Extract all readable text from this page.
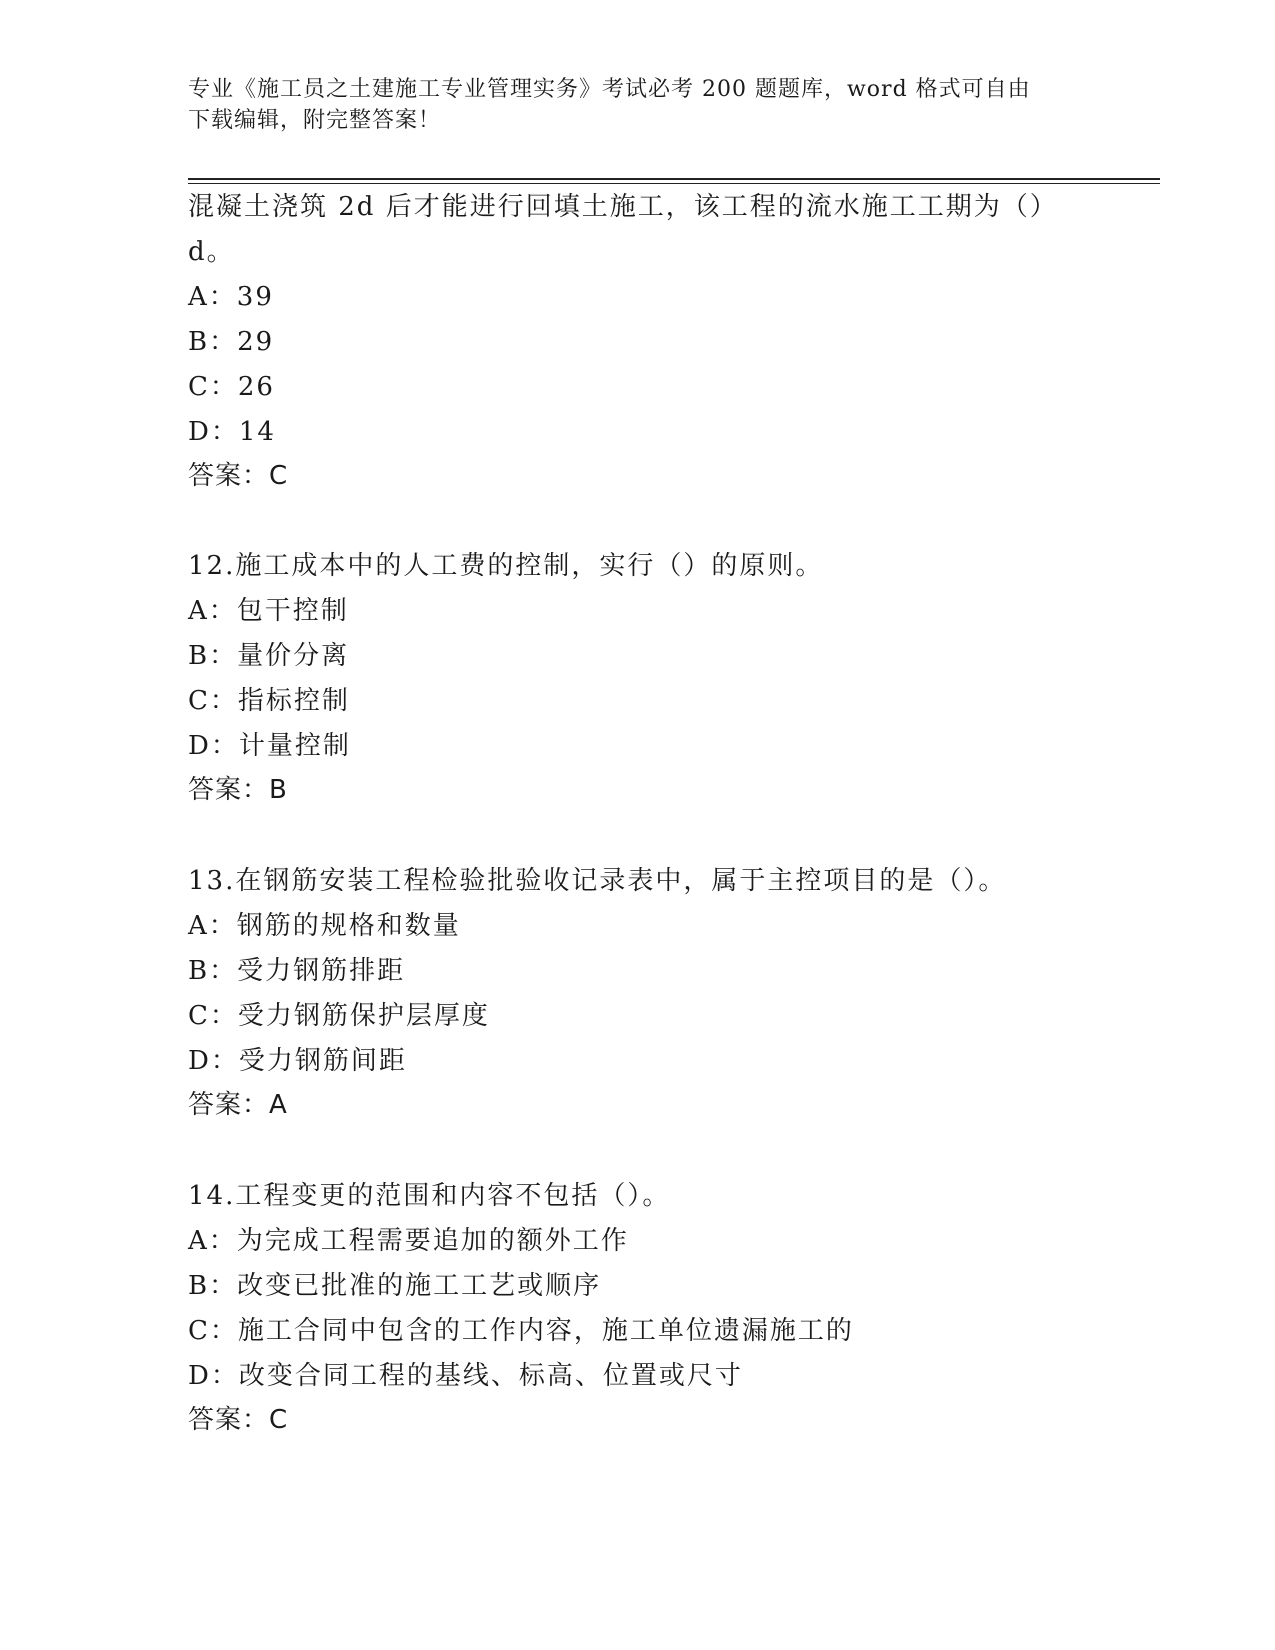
专业《施工员之土建施工专业管理实务》考试必考 200 题题库，word 格式可自由
下载编辑，附完整答案！
混凝土浇筑 2d 后才能进行回填土施工，该工程的流水施工工期为（）
d。
A：39
B：29
C：26
D：14
答案：C
12.施工成本中的人工费的控制，实行（）的原则。
A：包干控制
B：量价分离
C：指标控制
D：计量控制
答案：B
13.在钢筋安装工程检验批验收记录表中，属于主控项目的是（）。
A：钢筋的规格和数量
B：受力钢筋排距
C：受力钢筋保护层厚度
D：受力钢筋间距
答案：A
14.工程变更的范围和内容不包括（）。
A：为完成工程需要追加的额外工作
B：改变已批准的施工工艺或顺序
C：施工合同中包含的工作内容，施工单位遗漏施工的
D：改变合同工程的基线、标高、位置或尺寸
答案：C
